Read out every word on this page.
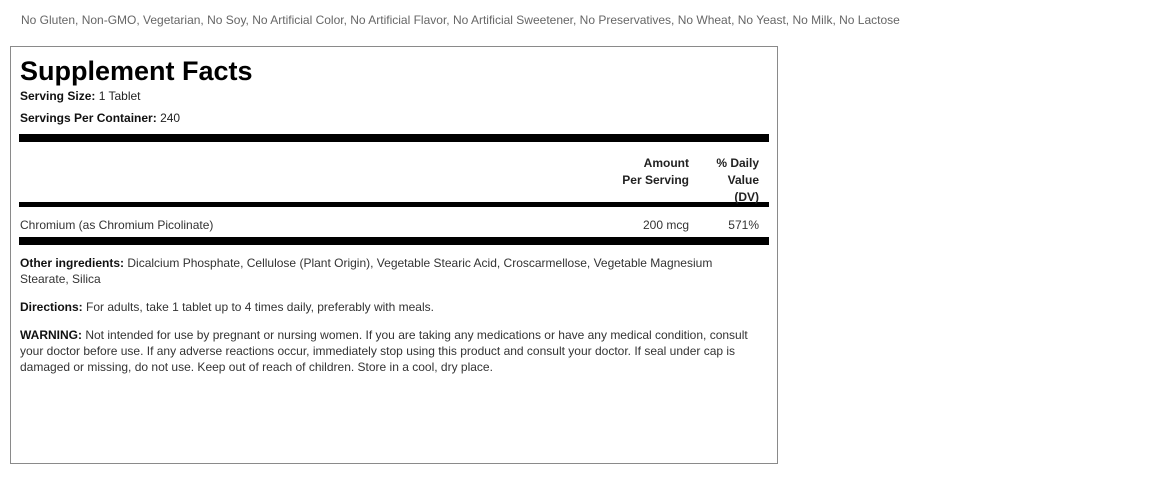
No Gluten, Non-GMO, Vegetarian, No Soy, No Artificial Color, No Artificial Flavor, No Artificial Sweetener, No Preservatives, No Wheat, No Yeast, No Milk, No Lactose
Supplement Facts
Serving Size: 1 Tablet
Servings Per Container: 240
Amount
Per Serving
% Daily
Value
(DV)
Chromium (as Chromium Picolinate)	200 mcg	571%
Other ingredients: Dicalcium Phosphate, Cellulose (Plant Origin), Vegetable Stearic Acid, Croscarmellose, Vegetable Magnesium Stearate, Silica
Directions: For adults, take 1 tablet up to 4 times daily, preferably with meals.
WARNING: Not intended for use by pregnant or nursing women. If you are taking any medications or have any medical condition, consult your doctor before use. If any adverse reactions occur, immediately stop using this product and consult your doctor. If seal under cap is damaged or missing, do not use. Keep out of reach of children. Store in a cool, dry place.
